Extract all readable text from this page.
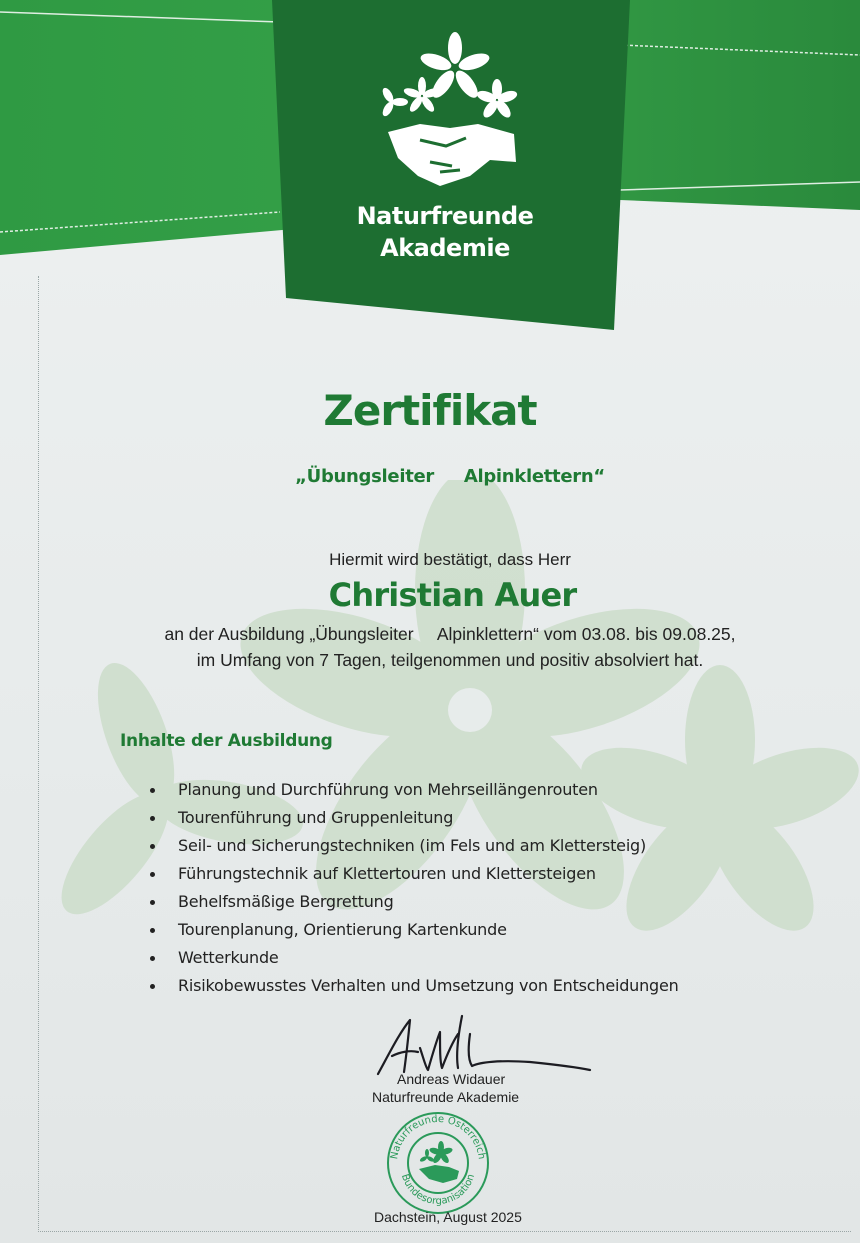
Naturfreunde
Akademie
Zertifikat
„Übungsleiter     Alpinklettern“
Hiermit wird bestätigt, dass Herr
Christian Auer
an der Ausbildung „Übungsleiter     Alpinklettern“ vom 03.08. bis 09.08.25,
im Umfang von 7 Tagen, teilgenommen und positiv absolviert hat.
Inhalte der Ausbildung
Planung und Durchführung von Mehrseillängenrouten
Tourenführung und Gruppenleitung
Seil- und Sicherungstechniken (im Fels und am Klettersteig)
Führungstechnik auf Klettertouren und Klettersteigen
Behelfsmäßige Bergrettung
Tourenplanung, Orientierung Kartenkunde
Wetterkunde
Risikobewusstes Verhalten und Umsetzung von Entscheidungen
Andreas Widauer
Naturfreunde Akademie
Naturfreunde Österreich
Bundesorganisation
Dachstein, August 2025
